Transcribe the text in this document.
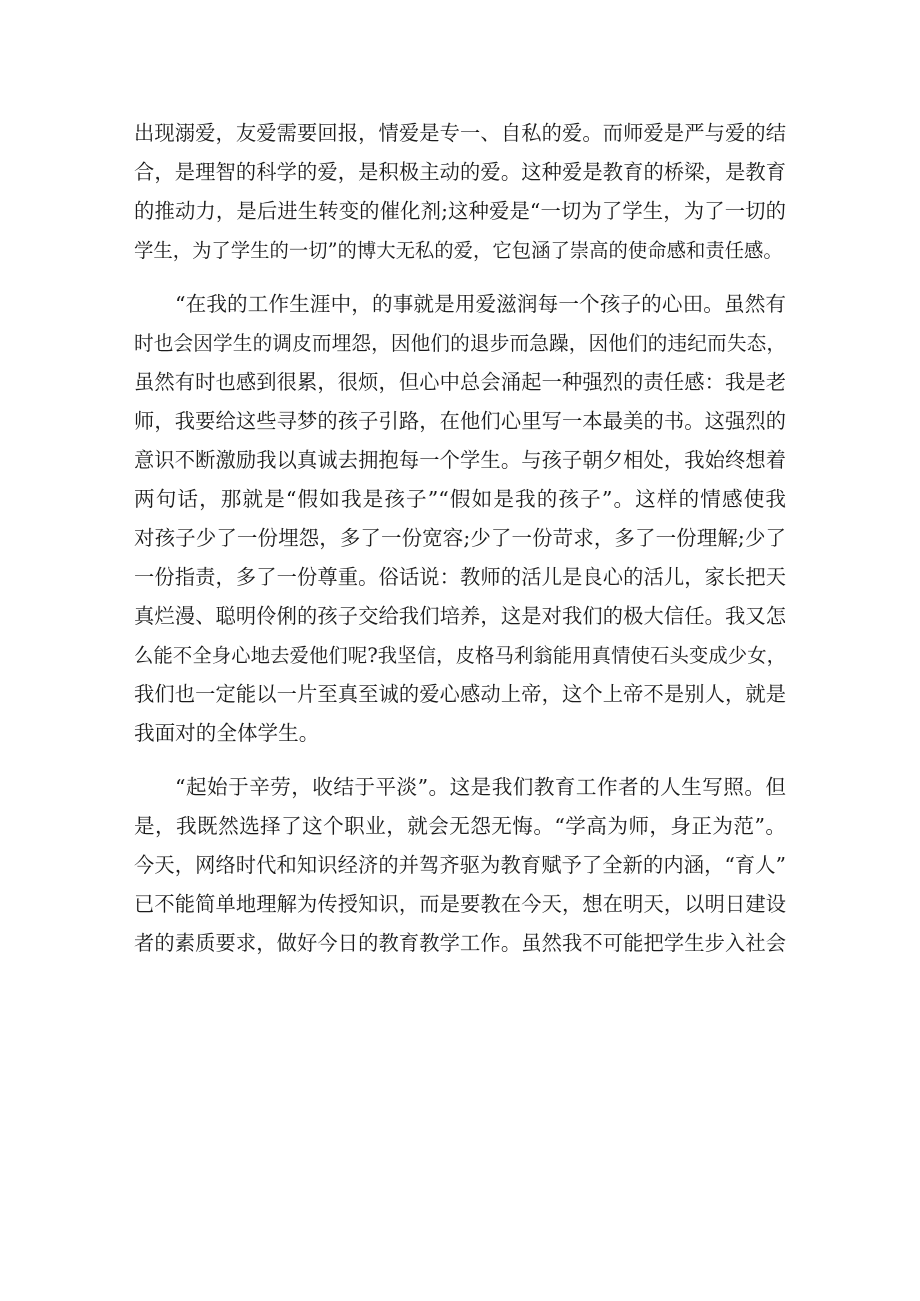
出现溺爱，友爱需要回报，情爱是专一、自私的爱。而师爱是严与爱的结
合，是理智的科学的爱，是积极主动的爱。这种爱是教育的桥梁，是教育
的推动力，是后进生转变的催化剂;这种爱是“一切为了学生，为了一切的
学生，为了学生的一切”的博大无私的爱，它包涵了崇高的使命感和责任感。

“在我的工作生涯中，的事就是用爱滋润每一个孩子的心田。虽然有
时也会因学生的调皮而埋怨，因他们的退步而急躁，因他们的违纪而失态，
虽然有时也感到很累，很烦，但心中总会涌起一种强烈的责任感：我是老
师，我要给这些寻梦的孩子引路，在他们心里写一本最美的书。这强烈的
意识不断激励我以真诚去拥抱每一个学生。与孩子朝夕相处，我始终想着
两句话，那就是“假如我是孩子”“假如是我的孩子”。这样的情感使我
对孩子少了一份埋怨，多了一份宽容;少了一份苛求，多了一份理解;少了
一份指责，多了一份尊重。俗话说：教师的活儿是良心的活儿，家长把天
真烂漫、聪明伶俐的孩子交给我们培养，这是对我们的极大信任。我又怎
么能不全身心地去爱他们呢?我坚信，皮格马利翁能用真情使石头变成少女，
我们也一定能以一片至真至诚的爱心感动上帝，这个上帝不是别人，就是
我面对的全体学生。

“起始于辛劳，收结于平淡”。这是我们教育工作者的人生写照。但
是，我既然选择了这个职业，就会无怨无悔。“学高为师，身正为范”。
今天，网络时代和知识经济的并驾齐驱为教育赋予了全新的内涵，“育人”
已不能简单地理解为传授知识，而是要教在今天，想在明天，以明日建设
者的素质要求，做好今日的教育教学工作。虽然我不可能把学生步入社会
